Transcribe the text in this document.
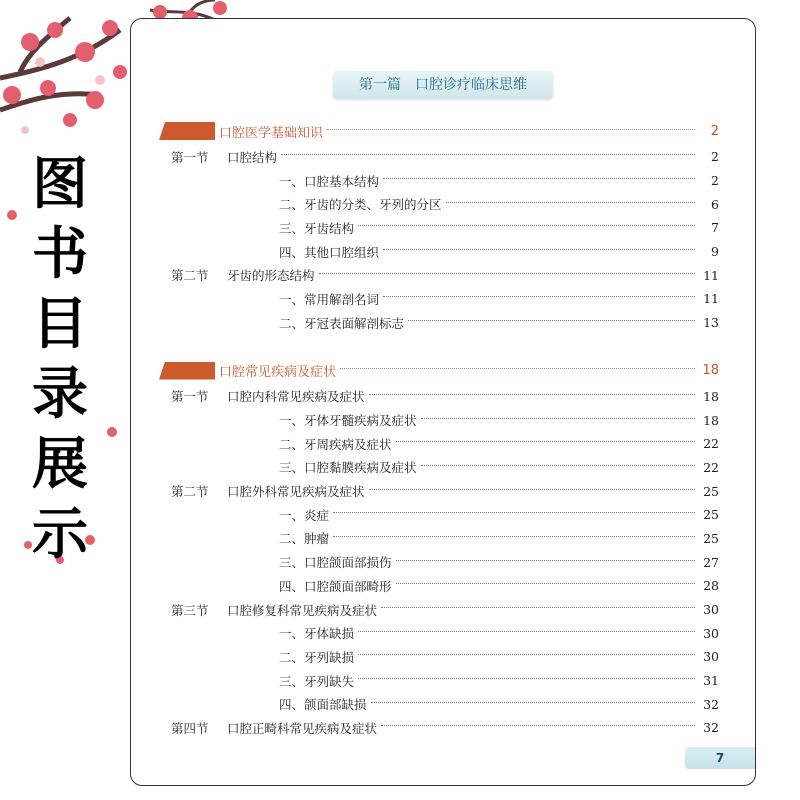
图
书
目
录
展
示
第一篇　口腔诊疗临床思维
口腔医学基础知识	2
第一节	口腔结构	2
一、口腔基本结构	2
二、牙齿的分类、牙列的分区	6
三、牙齿结构	7
四、其他口腔组织	9
第二节	牙齿的形态结构	11
一、常用解剖名词	11
二、牙冠表面解剖标志	13
口腔常见疾病及症状	18
第一节	口腔内科常见疾病及症状	18
一、牙体牙髓疾病及症状	18
二、牙周疾病及症状	22
三、口腔黏膜疾病及症状	22
第二节	口腔外科常见疾病及症状	25
一、炎症	25
二、肿瘤	25
三、口腔颌面部损伤	27
四、口腔颌面部畸形	28
第三节	口腔修复科常见疾病及症状	30
一、牙体缺损	30
二、牙列缺损	30
三、牙列缺失	31
四、颌面部缺损	32
第四节	口腔正畸科常见疾病及症状	32
7
